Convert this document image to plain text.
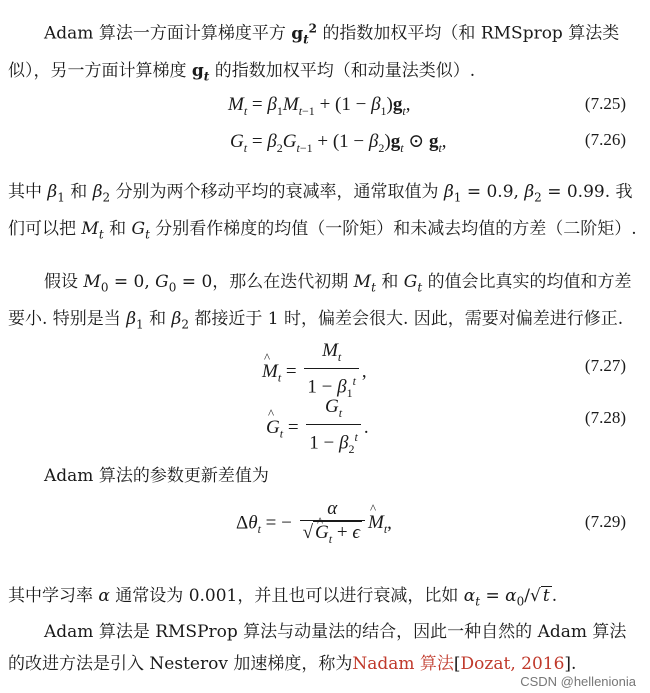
Adam 算法一方面计算梯度平方 $g_t^2$ 的指数加权平均（和 RMSprop 算法类似），另一方面计算梯度 $g_t$ 的指数加权平均（和动量法类似）.

$M_t = \beta_1M_{t-1} + (1 - \beta_1)g_t$,	(7.25)
$G_t = \beta_2G_{t-1} + (1 - \beta_2)g_t$ ⊙ $g_t$,	(7.26)

其中 $\beta_1$ 和 $\beta_2$ 分别为两个移动平均的衰减率，通常取值为 $\beta_1 = 0.9$, $\beta_2 = 0.99$. 我们可以把 $M_t$ 和 $G_t$ 分别看作梯度的均值（一阶矩）和未减去均值的方差（二阶矩）.

假设 $M_0 = 0$, $G_0 = 0$，那么在迭代初期 $M_t$ 和 $G_t$ 的值会比真实的均值和方差要小. 特别是当 $\beta_1$ 和 $\beta_2$ 都接近于 1 时，偏差会很大. 因此，需要对偏差进行修正.

^ $M_t = \frac{M_t}{1 - \beta_1^t}$ ,	(7.27)
^ $G_t = \frac{G_t}{1 - \beta_2^t}$ .	(7.28)

Adam 算法的参数更新差值为

$\Delta\theta_t$ = − $\frac{\alpha}{√ \^{} G_t + \epsilon}$ ^ $M_t$,	(7.29)

其中学习率 α 通常设为 0.001，并且也可以进行衰减，比如 $\alpha_t = \alpha_0/√$ t .

Adam 算法是 RMSProp 算法与动量法的结合，因此一种自然的 Adam 算法的改进方法是引入 Nesterov 加速梯度，称为Nadam 算法[Dozat, 2016].

CSDN @hellenionia
